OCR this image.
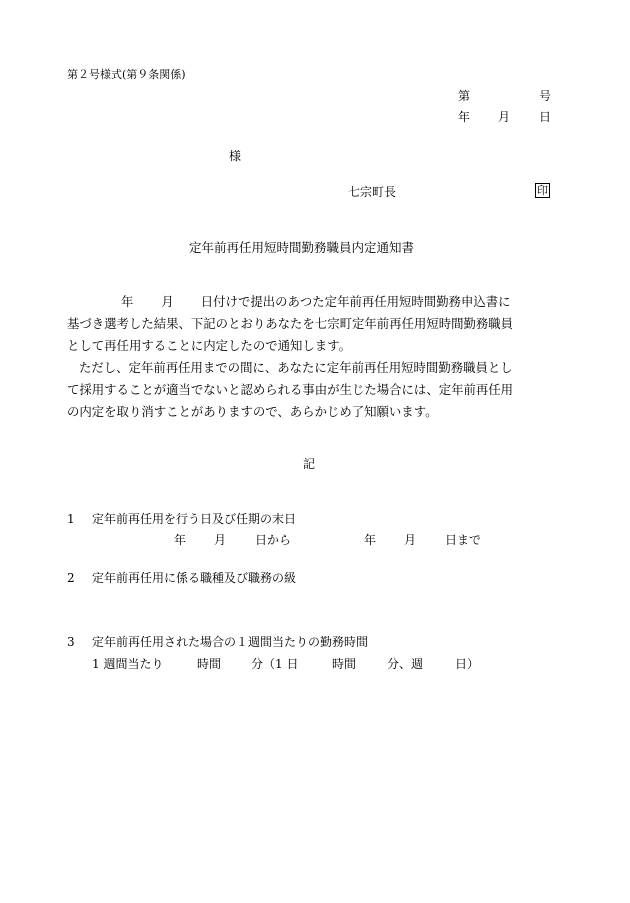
第２号様式(第９条関係)
第	号
年 月 日
様
七宗町長	印
定年前再任用短時間勤務職員内定通知書
年 月 日付けで提出のあつた定年前再任用短時間勤務申込書に
基づき選考した結果、下記のとおりあなたを七宗町定年前再任用短時間勤務職員
として再任用することに内定したので通知します。
ただし、定年前再任用までの間に、あなたに定年前再任用短時間勤務職員とし
て採用することが適当でないと認められる事由が生じた場合には、定年前再任用
の内定を取り消すことがありますので、あらかじめ了知願います。
記
1 定年前再任用を行う日及び任期の末日
年 月 日から	年 月 日まで
2 定年前再任用に係る職種及び職務の級
3 定年前再任用された場合の１週間当たりの勤務時間
1 週間当たり	時間 分（1 日	時間	分、週	日）
